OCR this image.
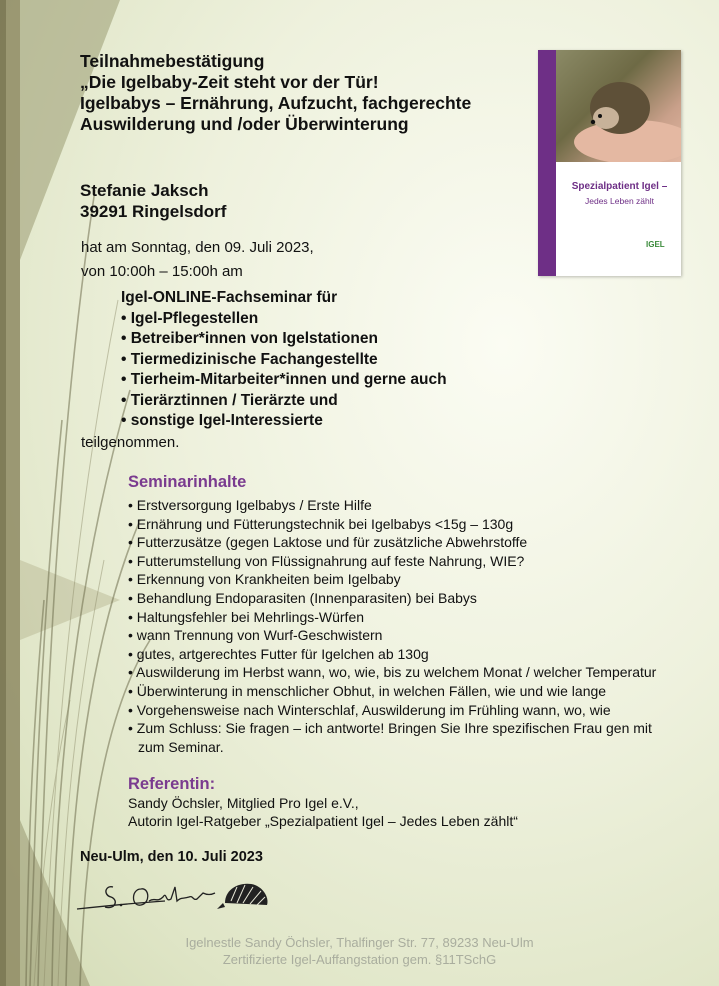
Teilnahmebestätigung
„Die Igelbaby-Zeit steht vor der Tür!
Igelbabys – Ernährung, Aufzucht, fachgerechte
Auswilderung und /oder Überwinterung
Spezialpatient Igel –
Jedes Leben zählt
IGEL
Stefanie Jaksch
39291 Ringelsdorf
hat am Sonntag, den 09. Juli 2023,
von 10:00h – 15:00h am
Igel-ONLINE-Fachseminar für
• Igel-Pflegestellen
• Betreiber*innen von Igelstationen
• Tiermedizinische Fachangestellte
• Tierheim-Mitarbeiter*innen und gerne auch
• Tierärztinnen / Tierärzte und
• sonstige Igel-Interessierte
teilgenommen.
Seminarinhalte
• Erstversorgung Igelbabys / Erste Hilfe
• Ernährung und Fütterungstechnik bei Igelbabys <15g – 130g
• Futterzusätze (gegen Laktose und für zusätzliche Abwehrstoffe
• Futterumstellung von Flüssignahrung auf feste Nahrung, WIE?
• Erkennung von Krankheiten beim Igelbaby
• Behandlung Endoparasiten (Innenparasiten) bei Babys
• Haltungsfehler bei Mehrlings-Würfen
• wann Trennung von Wurf-Geschwistern
• gutes, artgerechtes Futter für Igelchen ab 130g
• Auswilderung im Herbst wann, wo, wie, bis zu welchem Monat / welcher Temperatur
• Überwinterung in menschlicher Obhut, in welchen Fällen, wie und wie lange
• Vorgehensweise nach Winterschlaf, Auswilderung im Frühling wann, wo, wie
• Zum Schluss: Sie fragen – ich antworte! Bringen Sie Ihre spezifischen Frau gen mit zum Seminar.
Referentin:
Sandy Öchsler, Mitglied Pro Igel e.V.,
Autorin Igel-Ratgeber „Spezialpatient Igel – Jedes Leben zählt“
Neu-Ulm, den 10. Juli 2023
Igelnestle Sandy Öchsler, Thalfinger Str. 77, 89233 Neu-Ulm
Zertifizierte Igel-Auffangstation gem. §11TSchG
